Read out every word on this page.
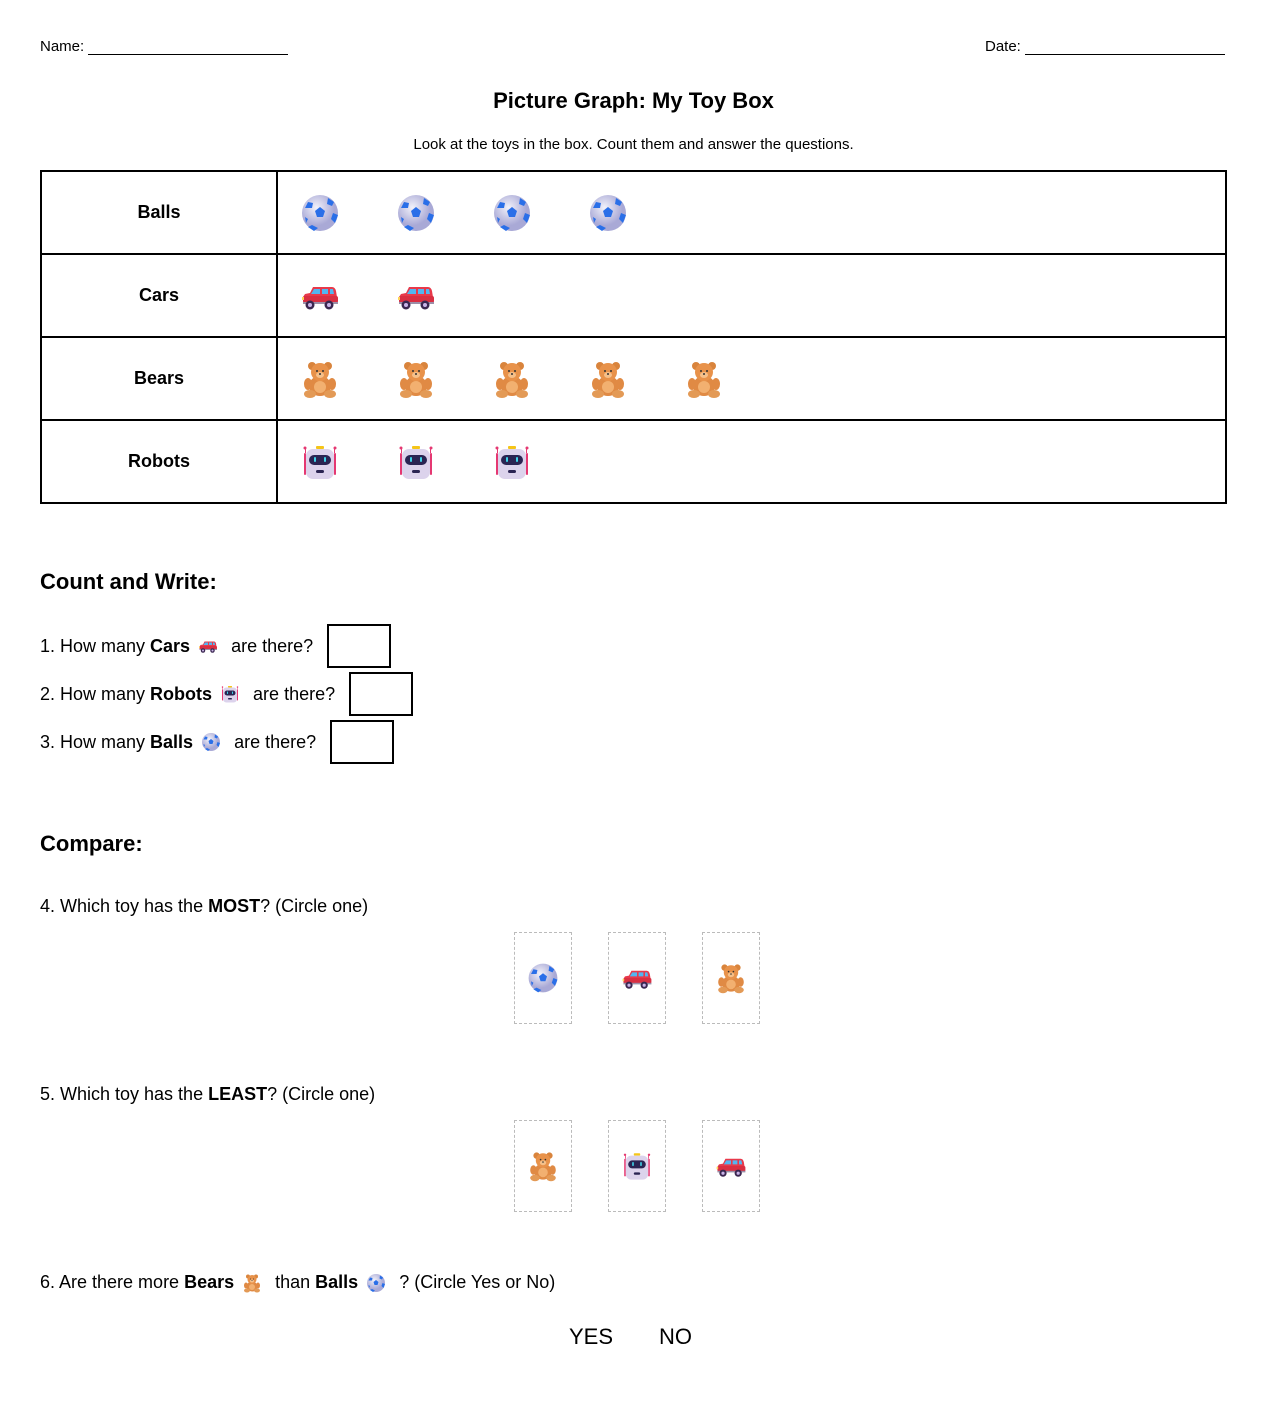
Name:	Date:
Picture Graph: My Toy Box
Look at the toys in the box. Count them and answer the questions.
Balls	

Cars	

Bears	

Robots	
Count and Write:
1. How many Cars are there?
2. How many Robots are there?
3. How many Balls are there?
Compare:
4. Which toy has the MOST ? (Circle one)
5. Which toy has the LEAST ? (Circle one)
6. Are there more Bears than Balls ? (Circle Yes or No)
YES NO
